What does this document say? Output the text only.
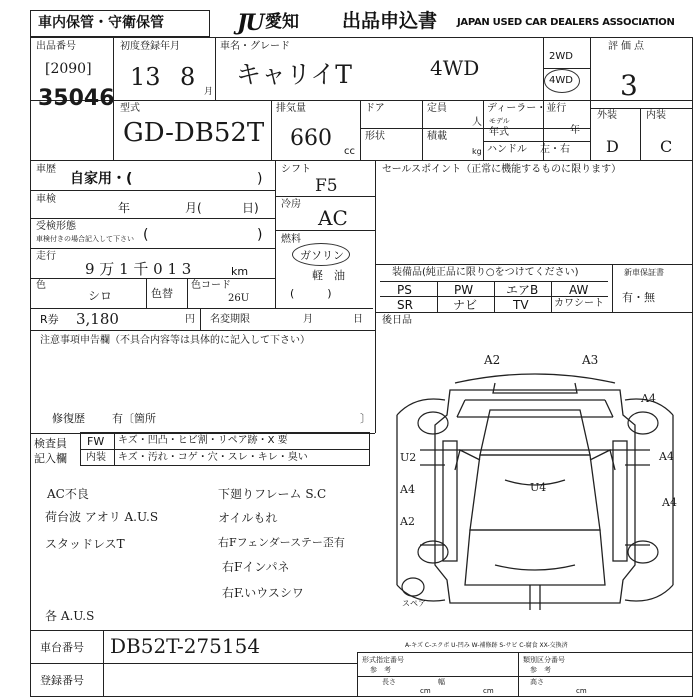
車内保管・守衛保管	JU 愛知 出品申込書 JAPAN USED CAR DEALERS ASSOCIATION
出品番号
[2090]
35046
初度登録年月
13 8
月
車名・グレード
キャリイT	4WD	2WD
4WD
評価点
3
型式
GD-DB52T
排気量
660
cc
ドア
形状
定員
人
積載
kg
ディーラー・並行
モデル
年式	年
ハンドル 左・右
外装	内装
D	C
車歴
自家用・(	)
車検
年	月(	日)
受検形態
車検付きの場合記入して下さい (	)
走行
9 万 1 千 0 1 3	km
色
シロ	色替
色コード
26U
シフト
F5
冷房
AC
燃料
ガソリン
軽　油
(　　　)
セールスポイント（正常に機能するものに限ります）
装備品(純正品に限り○をつけてください)
PS	PW	エアB	AW
SR	ナビ	TV	カワシート
新車保証書
有・無
R券 3,180	円 名変期限	月	日 後日品
注意事項申告欄（不具合内容等は具体的に記入して下さい）
修復歴 有〔箇所	〕
検査員
記入欄
FW キズ・凹凸・ヒビ割・リペア跡・X 要
内装 キズ・汚れ・コゲ・穴・スレ・キレ・臭い
AC不良
荷台波 アオリ A.U.S
スタッドレスT
各 A.U.S
下廻りフレーム S.C
オイルもれ
右Fフェンダーステー歪有
右Fインパネ
右F.いウスシワ
A2	A3
A4
A4
U2
A4	U4
A4
A2
スペア
A-キズ C-エクボ U-凹み W-補修跡 S-サビ C-腐食 XX-交換済
車台番号 DB52T-275154
登録番号
形式指定番号
参　考
長さ
cm
幅
cm
類別区分番号
参　考
高さ
cm
